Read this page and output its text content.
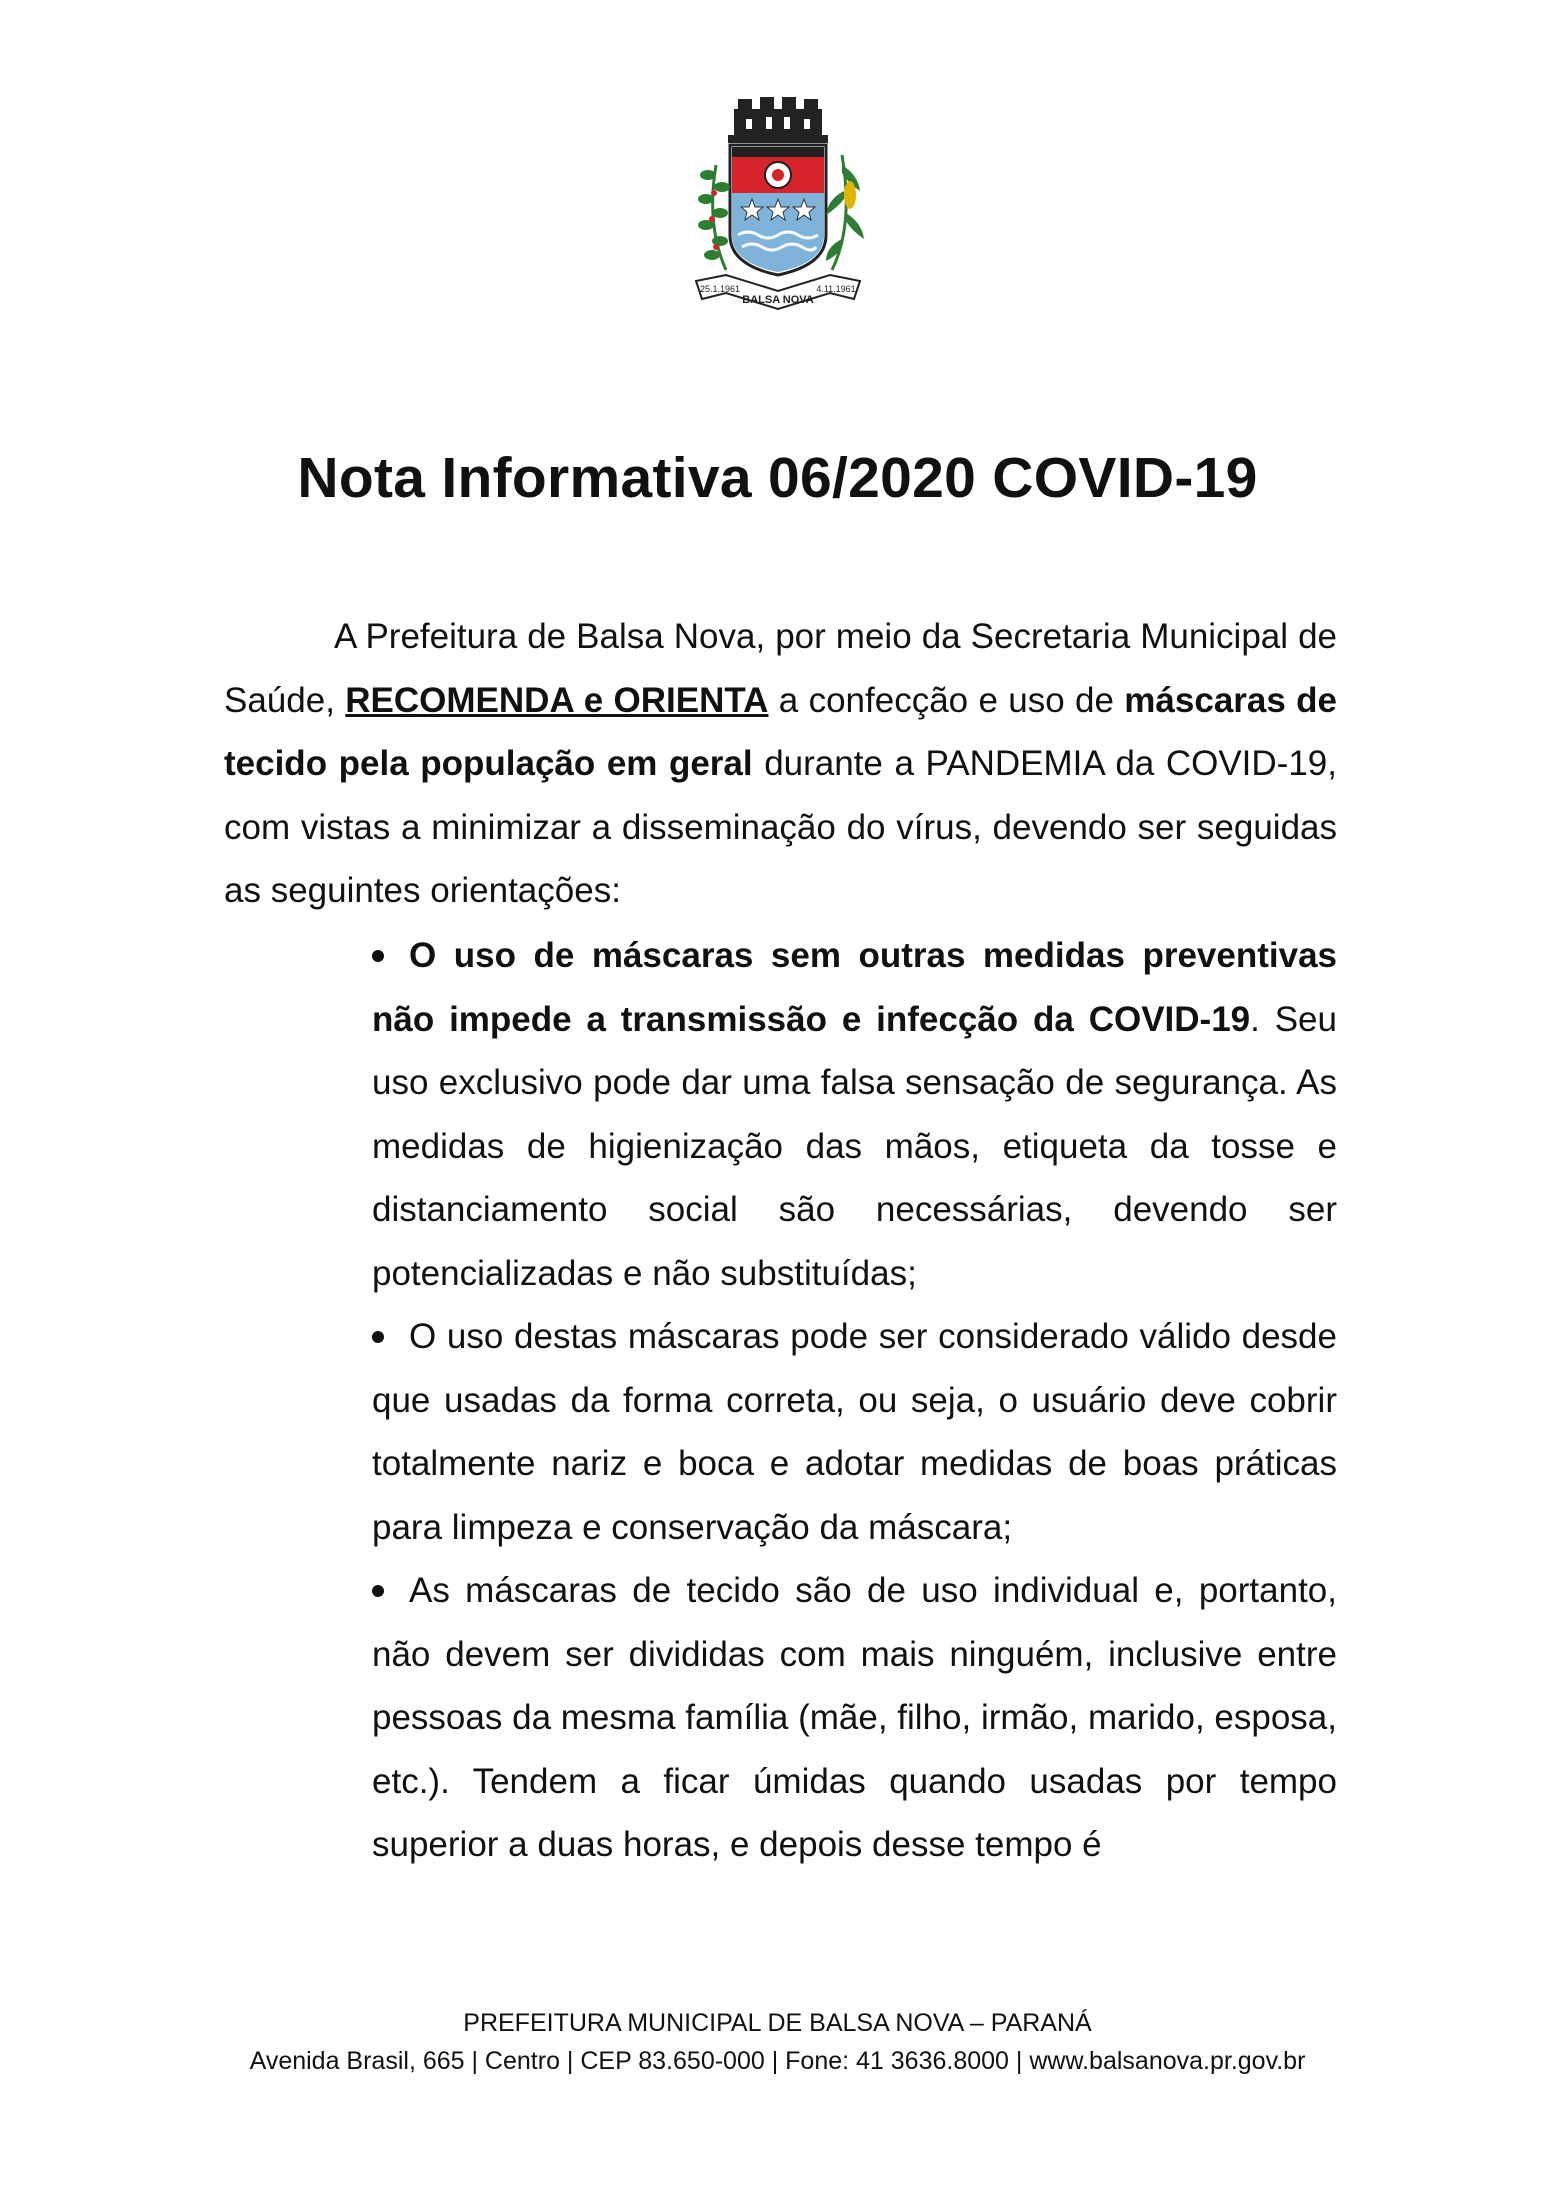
25.1.1961
BALSA NOVA
4.11.1961
Nota Informativa 06/2020 COVID-19

A Prefeitura de Balsa Nova, por meio da Secretaria Municipal de Saúde, RECOMENDA e ORIENTA a confecção e uso de máscaras de tecido pela população em geral durante a PANDEMIA da COVID-19, com vistas a minimizar a disseminação do vírus, devendo ser seguidas as seguintes orientações:

O uso de máscaras sem outras medidas preventivas não impede a transmissão e infecção da COVID-19. Seu uso exclusivo pode dar uma falsa sensação de segurança. As medidas de higienização das mãos, etiqueta da tosse e distanciamento social são necessárias, devendo ser potencializadas e não substituídas;
O uso destas máscaras pode ser considerado válido desde que usadas da forma correta, ou seja, o usuário deve cobrir totalmente nariz e boca e adotar medidas de boas práticas para limpeza e conservação da máscara;
As máscaras de tecido são de uso individual e, portanto, não devem ser divididas com mais ninguém, inclusive entre pessoas da mesma família (mãe, filho, irmão, marido, esposa, etc.). Tendem a ficar úmidas quando usadas por tempo superior a duas horas, e depois desse tempo é
PREFEITURA MUNICIPAL DE BALSA NOVA – PARANÁ
Avenida Brasil, 665 | Centro | CEP 83.650-000 | Fone: 41 3636.8000 | www.balsanova.pr.gov.br
